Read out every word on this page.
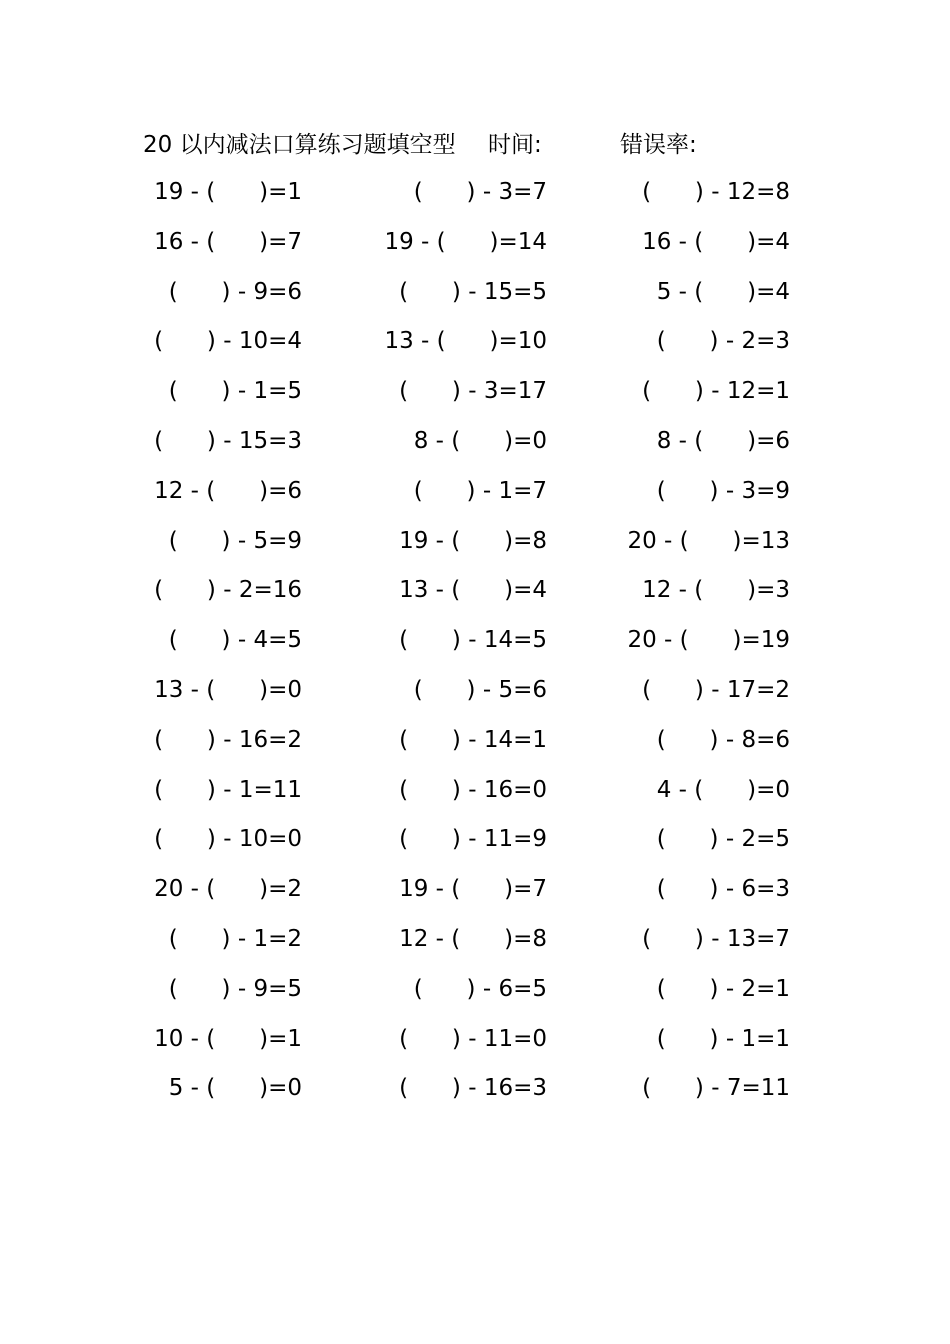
20 以内减法口算练习题填空型 时间:	错误率:
19 - (      )=1	(      ) - 3=7	(      ) - 12=8
16 - (      )=7	19 - (      )=14	16 - (      )=4
(      ) - 9=6	(      ) - 15=5	5 - (      )=4
(      ) - 10=4	13 - (      )=10	(      ) - 2=3
(      ) - 1=5	(      ) - 3=17	(      ) - 12=1
(      ) - 15=3	8 - (      )=0	8 - (      )=6
12 - (      )=6	(      ) - 1=7	(      ) - 3=9
(      ) - 5=9	19 - (      )=8	20 - (      )=13
(      ) - 2=16	13 - (      )=4	12 - (      )=3
(      ) - 4=5	(      ) - 14=5	20 - (      )=19
13 - (      )=0	(      ) - 5=6	(      ) - 17=2
(      ) - 16=2	(      ) - 14=1	(      ) - 8=6
(      ) - 1=11	(      ) - 16=0	4 - (      )=0
(      ) - 10=0	(      ) - 11=9	(      ) - 2=5
20 - (      )=2	19 - (      )=7	(      ) - 6=3
(      ) - 1=2	12 - (      )=8	(      ) - 13=7
(      ) - 9=5	(      ) - 6=5	(      ) - 2=1
10 - (      )=1	(      ) - 11=0	(      ) - 1=1
5 - (      )=0	(      ) - 16=3	(      ) - 7=11
